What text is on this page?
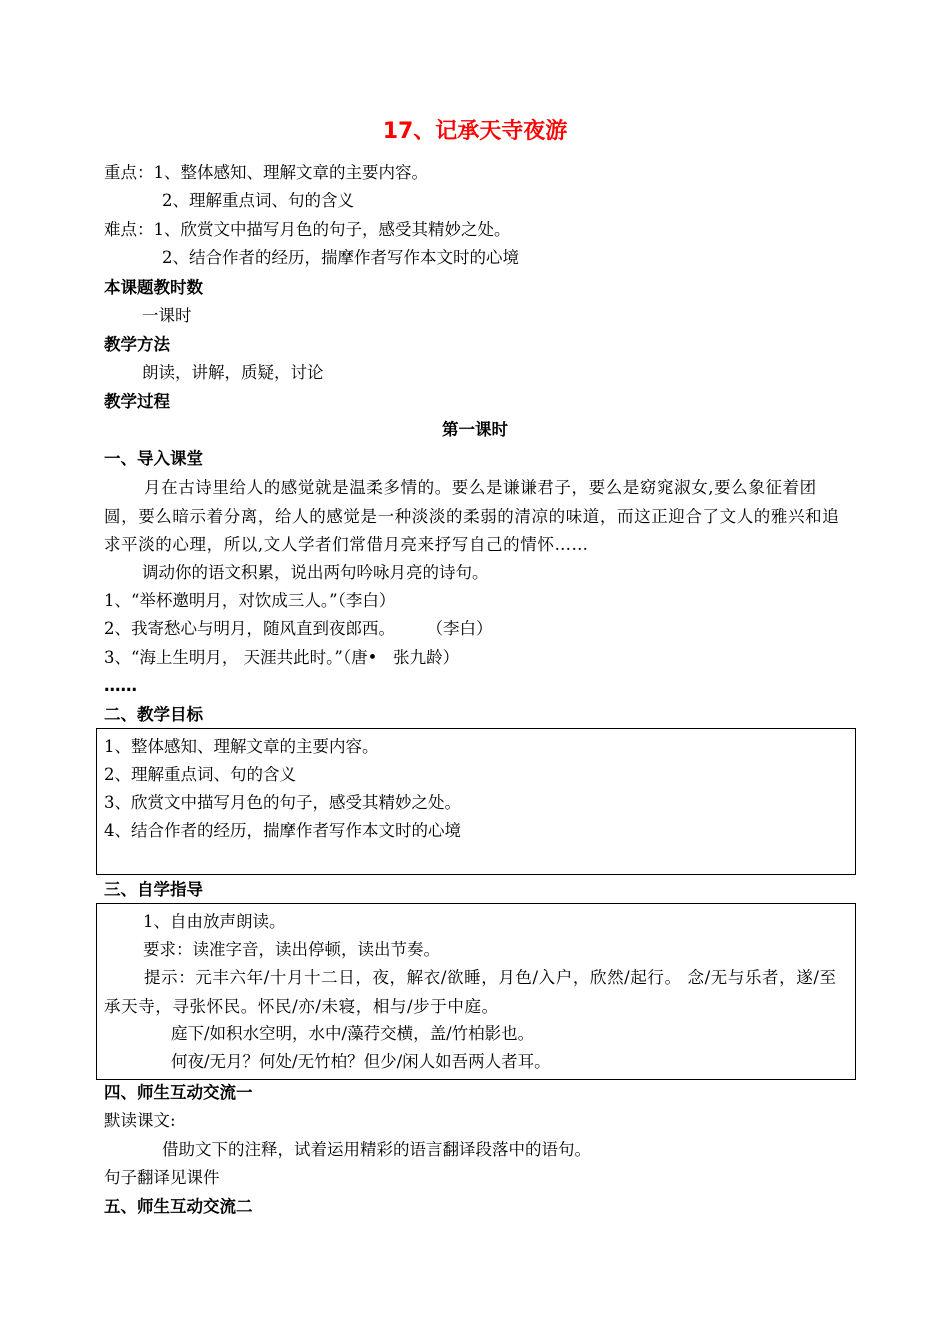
17、记承天寺夜游
重点：1、整体感知、理解文章的主要内容。
2、理解重点词、句的含义
难点：1、欣赏文中描写月色的句子，感受其精妙之处。
2、结合作者的经历，揣摩作者写作本文时的心境
本课题教时数
一课时
教学方法
朗读，讲解，质疑，讨论
教学过程
第一课时
一、导入课堂
月在古诗里给人的感觉就是温柔多情的。要么是谦谦君子，要么是窈窕淑女,要么象征着团圆，要么暗示着分离，给人的感觉是一种淡淡的柔弱的清凉的味道，而这正迎合了文人的雅兴和追求平淡的心理，所以,文人学者们常借月亮来抒写自己的情怀……
调动你的语文积累，说出两句吟咏月亮的诗句。
1、“举杯邀明月，对饮成三人。”（李白）
2、我寄愁心与明月，随风直到夜郎西。      （李白）
3、“海上生明月， 天涯共此时。”（唐•   张九龄）
……
二、教学目标
1、整体感知、理解文章的主要内容。
2、理解重点词、句的含义
3、欣赏文中描写月色的句子，感受其精妙之处。
4、结合作者的经历，揣摩作者写作本文时的心境
三、自学指导
1、自由放声朗读。
要求：读准字音，读出停顿，读出节奏。
提示：元丰六年/十月十二日，夜，解衣/欲睡，月色/入户，欣然/起行。 念/无与乐者，遂/至承天寺，寻张怀民。怀民/亦/未寝，相与/步于中庭。
庭下/如积水空明，水中/藻荇交横，盖/竹柏影也。
何夜/无月？何处/无竹柏？但少/闲人如吾两人者耳。
四、师生互动交流一
默读课文:
借助文下的注释，试着运用精彩的语言翻译段落中的语句。
句子翻译见课件
五、师生互动交流二
